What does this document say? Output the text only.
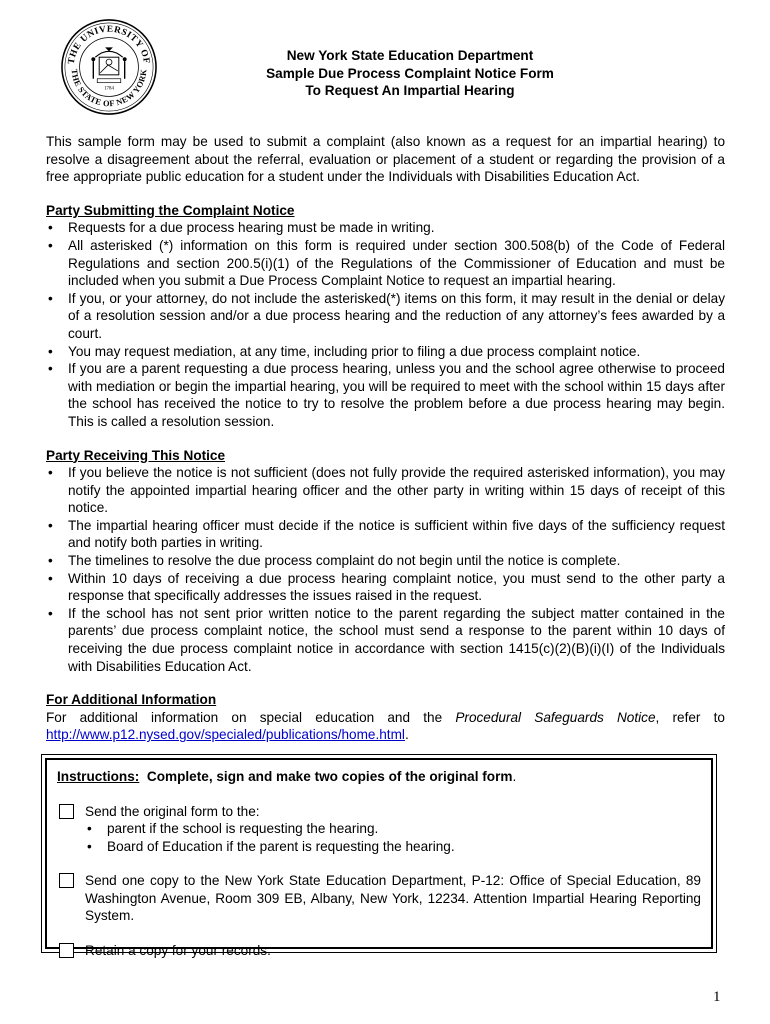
THE UNIVERSITY OF
THE STATE OF NEW YORK
1784
New York State Education Department
Sample Due Process Complaint Notice Form
To Request An Impartial Hearing

This sample form may be used to submit a complaint (also known as a request for an impartial hearing) to resolve a disagreement about the referral, evaluation or placement of a student or regarding the provision of a free appropriate public education for a student under the Individuals with Disabilities Education Act.

Party Submitting the Complaint Notice

• Requests for a due process hearing must be made in writing.
• All asterisked (*) information on this form is required under section 300.508(b) of the Code of Federal Regulations and section 200.5(i)(1) of the Regulations of the Commissioner of Education and must be included when you submit a Due Process Complaint Notice to request an impartial hearing.
• If you, or your attorney, do not include the asterisked(*) items on this form, it may result in the denial or delay of a resolution session and/or a due process hearing and the reduction of any attorney’s fees awarded by a court.
• You may request mediation, at any time, including prior to filing a due process complaint notice.
• If you are a parent requesting a due process hearing, unless you and the school agree otherwise to proceed with mediation or begin the impartial hearing, you will be required to meet with the school within 15 days after the school has received the notice to try to resolve the problem before a due process hearing may begin. This is called a resolution session.

Party Receiving This Notice

• If you believe the notice is not sufficient (does not fully provide the required asterisked information), you may notify the appointed impartial hearing officer and the other party in writing within 15 days of receipt of this notice.
• The impartial hearing officer must decide if the notice is sufficient within five days of the sufficiency request and notify both parties in writing.
• The timelines to resolve the due process complaint do not begin until the notice is complete.
• Within 10 days of receiving a due process hearing complaint notice, you must send to the other party a response that specifically addresses the issues raised in the request.
• If the school has not sent prior written notice to the parent regarding the subject matter contained in the parents’ due process complaint notice, the school must send a response to the parent within 10 days of receiving the due process complaint notice in accordance with section 1415(c)(2)(B)(i)(I) of the Individuals with Disabilities Education Act.

For Additional Information

For additional information on special education and the Procedural Safeguards Notice, refer to http://www.p12.nysed.gov/specialed/publications/home.html.

Instructions:  Complete, sign and make two copies of the original form.

Send the original form to the:
• parent if the school is requesting the hearing.
• Board of Education if the parent is requesting the hearing.
Send one copy to the New York State Education Department, P-12: Office of Special Education, 89 Washington Avenue, Room 309 EB, Albany, New York, 12234. Attention Impartial Hearing Reporting System.
Retain a copy for your records.
1
